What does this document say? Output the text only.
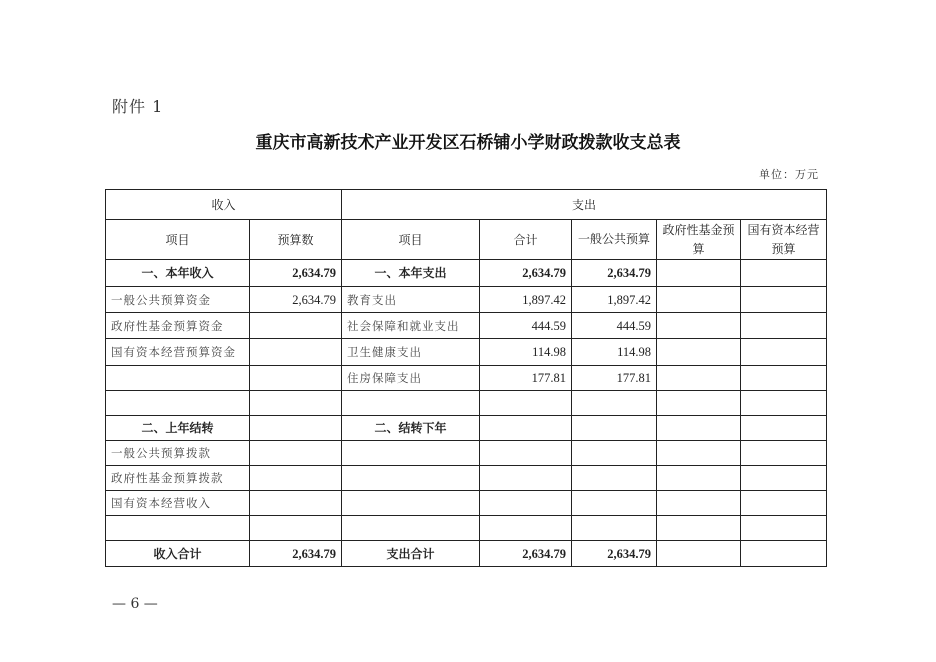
附件 1
重庆市高新技术产业开发区石桥铺小学财政拨款收支总表
单位：万元
收入		支出				
项目	预算数	项目	合计	一般公共预算	政府性基金预算	国有资本经营预算
一、本年收入	2,634.79	一、本年支出	2,634.79	2,634.79		
一般公共预算资金	2,634.79	教育支出	1,897.42	1,897.42		
政府性基金预算资金		社会保障和就业支出	444.59	444.59		
国有资本经营预算资金		卫生健康支出	114.98	114.98		
		住房保障支出	177.81	177.81		

二、上年结转		二、结转下年				
一般公共预算拨款						
政府性基金预算拨款						
国有资本经营收入						

收入合计	2,634.79	支出合计	2,634.79	2,634.79		
— 6 —
